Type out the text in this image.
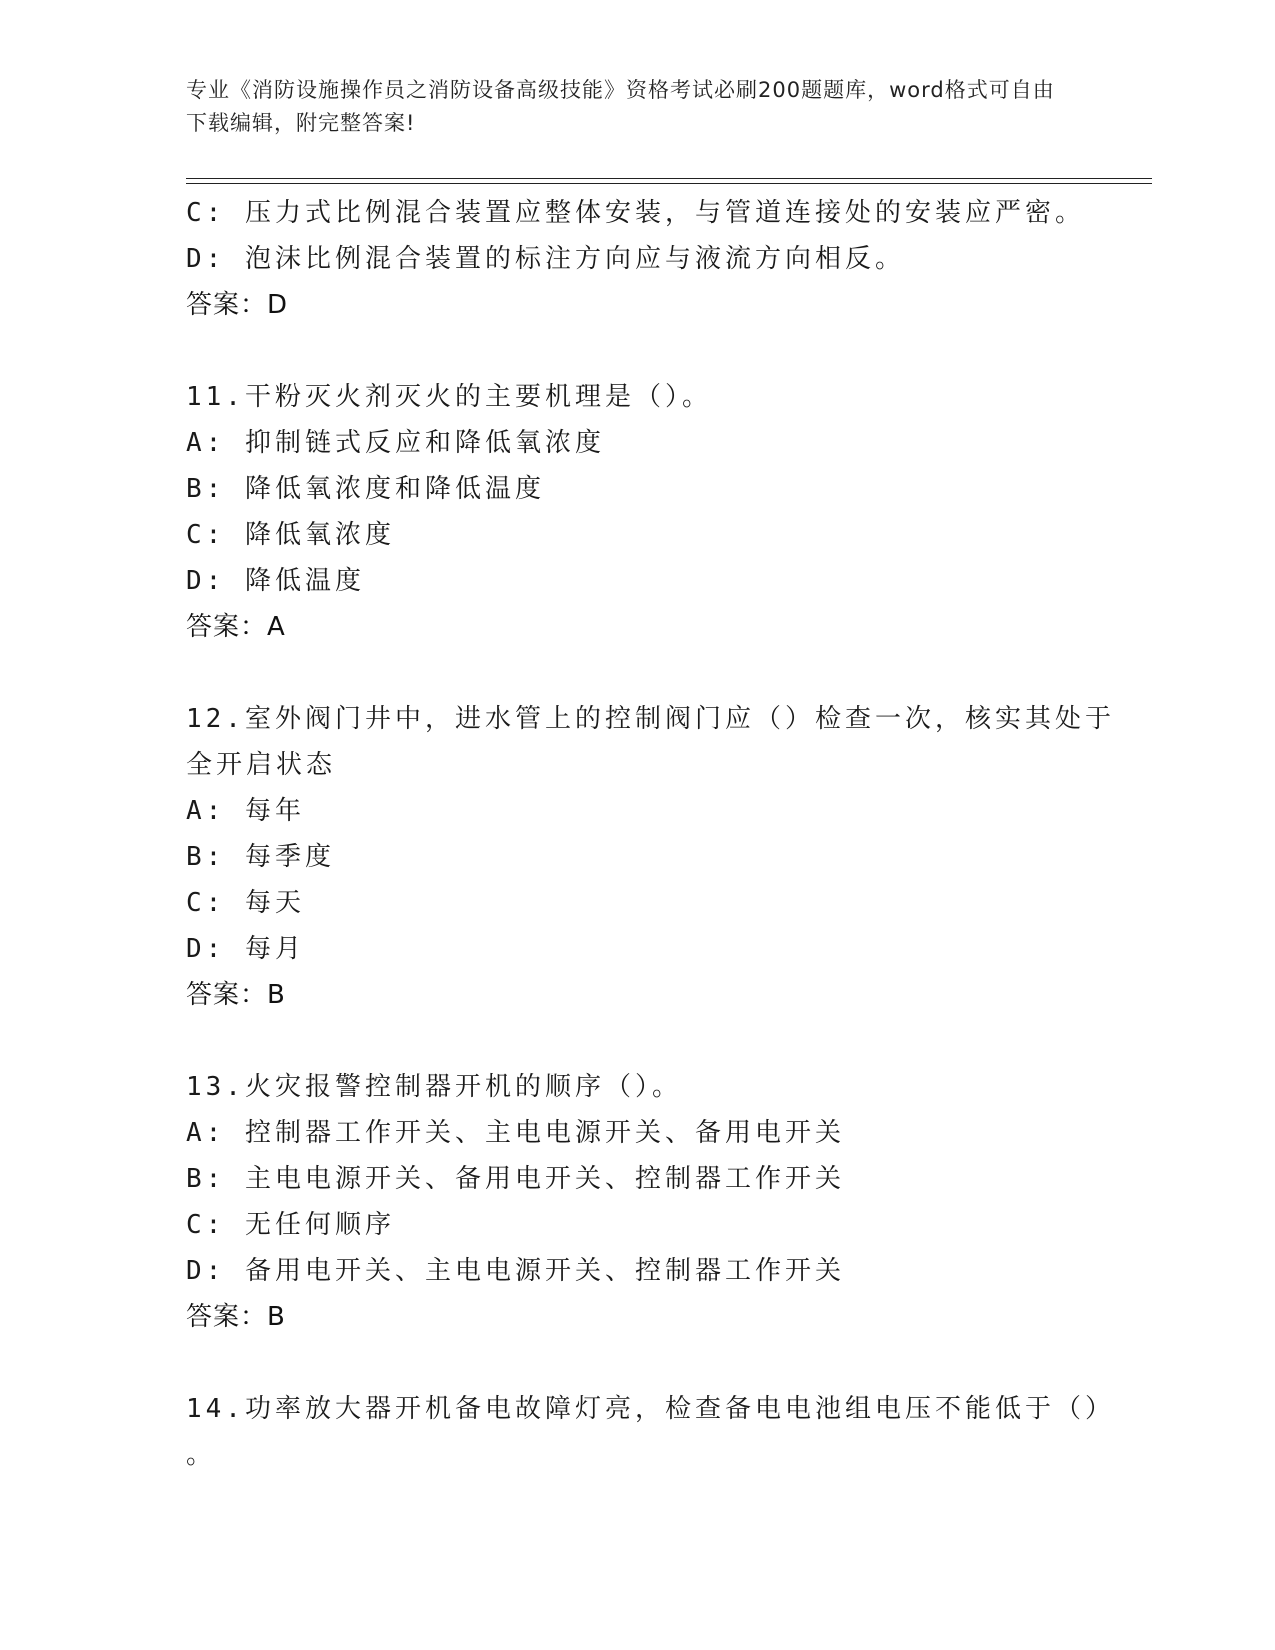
专业《消防设施操作员之消防设备高级技能》资格考试必刷200题题库，word格式可自由下载编辑，附完整答案!
C: 压力式比例混合装置应整体安装，与管道连接处的安装应严密。
D: 泡沫比例混合装置的标注方向应与液流方向相反。
答案：D
11.干粉灭火剂灭火的主要机理是（）。
A: 抑制链式反应和降低氧浓度
B: 降低氧浓度和降低温度
C: 降低氧浓度
D: 降低温度
答案：A
12.室外阀门井中，进水管上的控制阀门应（）检查一次，核实其处于
全开启状态
A: 每年
B: 每季度
C: 每天
D: 每月
答案：B
13.火灾报警控制器开机的顺序（）。
A: 控制器工作开关、主电电源开关、备用电开关
B: 主电电源开关、备用电开关、控制器工作开关
C: 无任何顺序
D: 备用电开关、主电电源开关、控制器工作开关
答案：B
14.功率放大器开机备电故障灯亮，检查备电电池组电压不能低于（）
。
